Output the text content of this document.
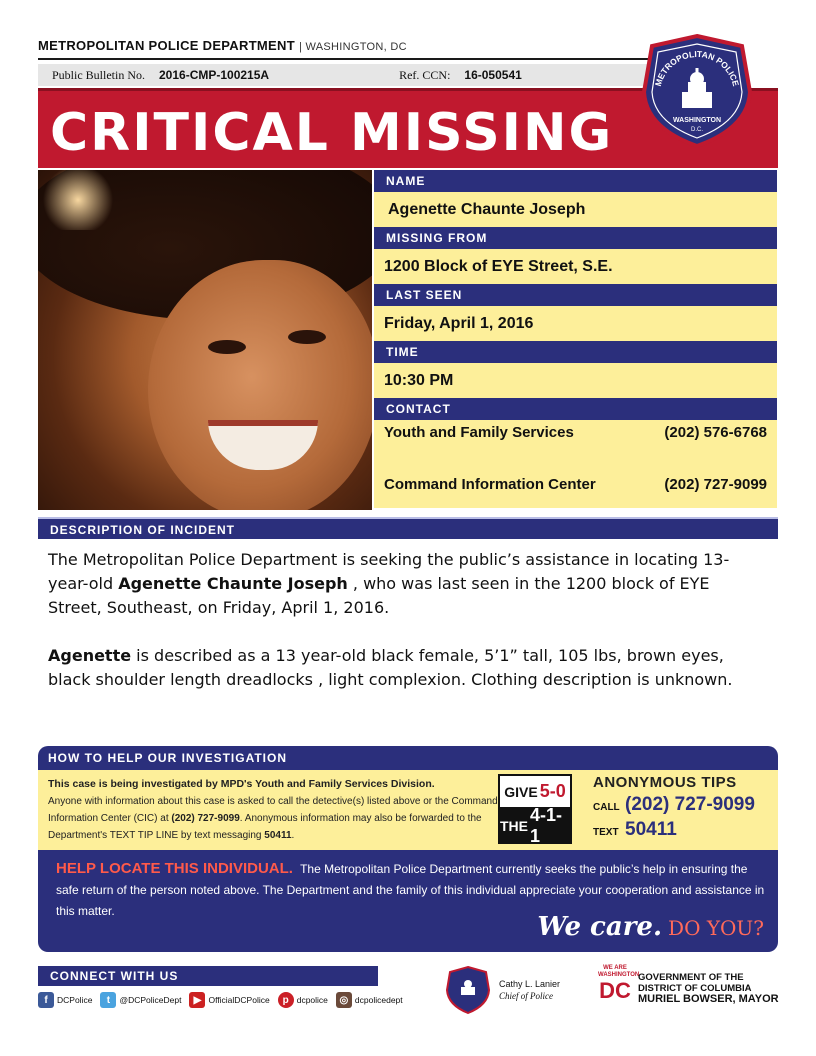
METROPOLITAN POLICE DEPARTMENT | WASHINGTON, DC
Public Bulletin No. 2016-CMP-100215A	Ref. CCN: 16-050541
CRITICAL MISSING
METROPOLITAN POLICE
WASHINGTON
D.C.
NAME
Agenette Chaunte Joseph
MISSING FROM
1200 Block of EYE Street, S.E.
LAST SEEN
Friday, April 1, 2016
TIME
10:30 PM
CONTACT
Youth and Family Services	(202) 576-6768
Command Information Center	(202) 727-9099
DESCRIPTION OF INCIDENT

The Metropolitan Police Department is seeking the public’s assistance in locating 13-year-old Agenette Chaunte Joseph , who was last seen in the 1200 block of EYE Street, Southeast, on Friday, April 1, 2016.

Agenette is described as a 13 year-old black female, 5’1” tall, 105 lbs, brown eyes, black shoulder length dreadlocks , light complexion. Clothing description is unknown.

HOW TO HELP OUR INVESTIGATION
This case is being investigated by MPD's Youth and Family Services Division.
Anyone with information about this case is asked to call the detective(s) listed above or the Command Information Center (CIC) at (202) 727-9099. Anonymous information may also be forwarded to the Department's TEXT TIP LINE by text messaging 50411.
GIVE 5-0
THE
4-1-1
ANONYMOUS TIPS
CALL (202) 727-9099
TEXT 50411
HELP LOCATE THIS INDIVIDUAL. The Metropolitan Police Department currently seeks the public’s help in ensuring the safe return of the person noted above. The Department and the family of this individual appreciate your cooperation and assistance in this matter.
We care. DO YOU?
CONNECT WITH US
f	DCPolice	t	@DCPoliceDept	▶ OfficialDCPolice	p dcpolice	◎ dcpolicedept
Cathy L. Lanier
Chief of Police
WE ARE WASHINGTON
DC
GOVERNMENT OF THE
DISTRICT OF COLUMBIA
MURIEL BOWSER, MAYOR
